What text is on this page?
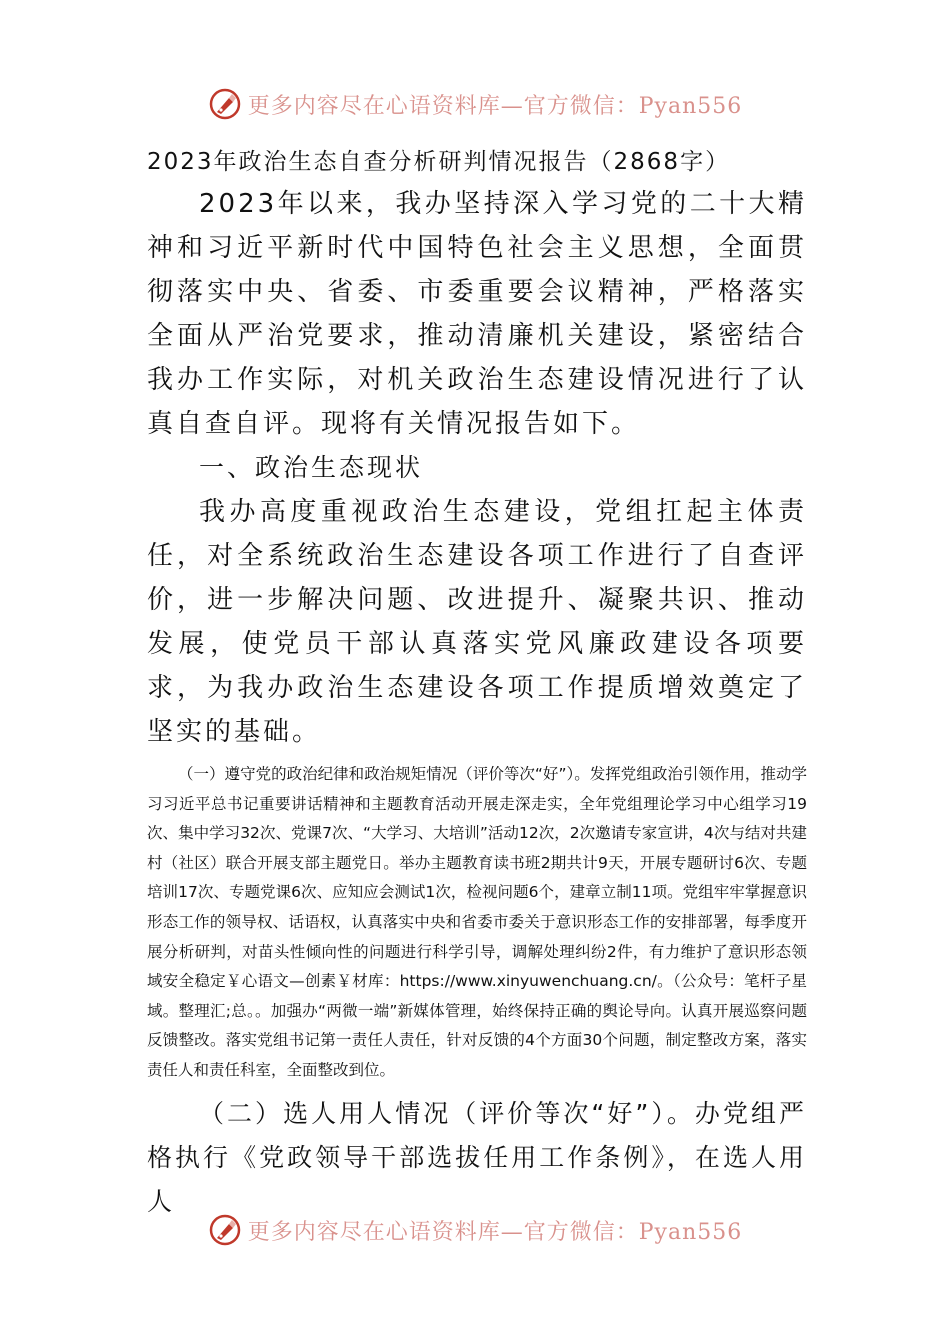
更多内容尽在心语资料库—官方微信：Pyan556

2023年政治生态自查分析研判情况报告（2868字）

2023年以来，我办坚持深入学习党的二十大精神和习近平新时代中国特色社会主义思想，全面贯彻落实中央、省委、市委重要会议精神，严格落实全面从严治党要求，推动清廉机关建设，紧密结合我办工作实际，对机关政治生态建设情况进行了认真自查自评。现将有关情况报告如下。

一、政治生态现状

我办高度重视政治生态建设，党组扛起主体责任，对全系统政治生态建设各项工作进行了自查评价，进一步解决问题、改进提升、凝聚共识、推动发展，使党员干部认真落实党风廉政建设各项要求，为我办政治生态建设各项工作提质增效奠定了坚实的基础。

（一）遵守党的政治纪律和政治规矩情况（评价等次“好”）。发挥党组政治引领作用，推动学习习近平总书记重要讲话精神和主题教育活动开展走深走实，全年党组理论学习中心组学习19次、集中学习32次、党课7次、“大学习、大培训”活动12次，2次邀请专家宣讲，4次与结对共建村（社区）联合开展支部主题党日。举办主题教育读书班2期共计9天，开展专题研讨6次、专题培训17次、专题党课6次、应知应会测试1次，检视问题6个，建章立制11项。党组牢牢掌握意识形态工作的领导权、话语权，认真落实中央和省委市委关于意识形态工作的安排部署，每季度开展分析研判，对苗头性倾向性的问题进行科学引导，调解处理纠纷2件，有力维护了意识形态领域安全稳定￥心语文—创素￥材库：https://www.xinyuwenchuang.cn/。（公众号：笔杆子星域。整理汇;总。。加强办“两微一端”新媒体管理，始终保持正确的舆论导向。认真开展巡察问题反馈整改。落实党组书记第一责任人责任，针对反馈的4个方面30个问题，制定整改方案，落实责任人和责任科室，全面整改到位。

（二）选人用人情况（评价等次“好”）。办党组严格执行《党政领导干部选拔任用工作条例》，在选人用人

更多内容尽在心语资料库—官方微信：Pyan556
